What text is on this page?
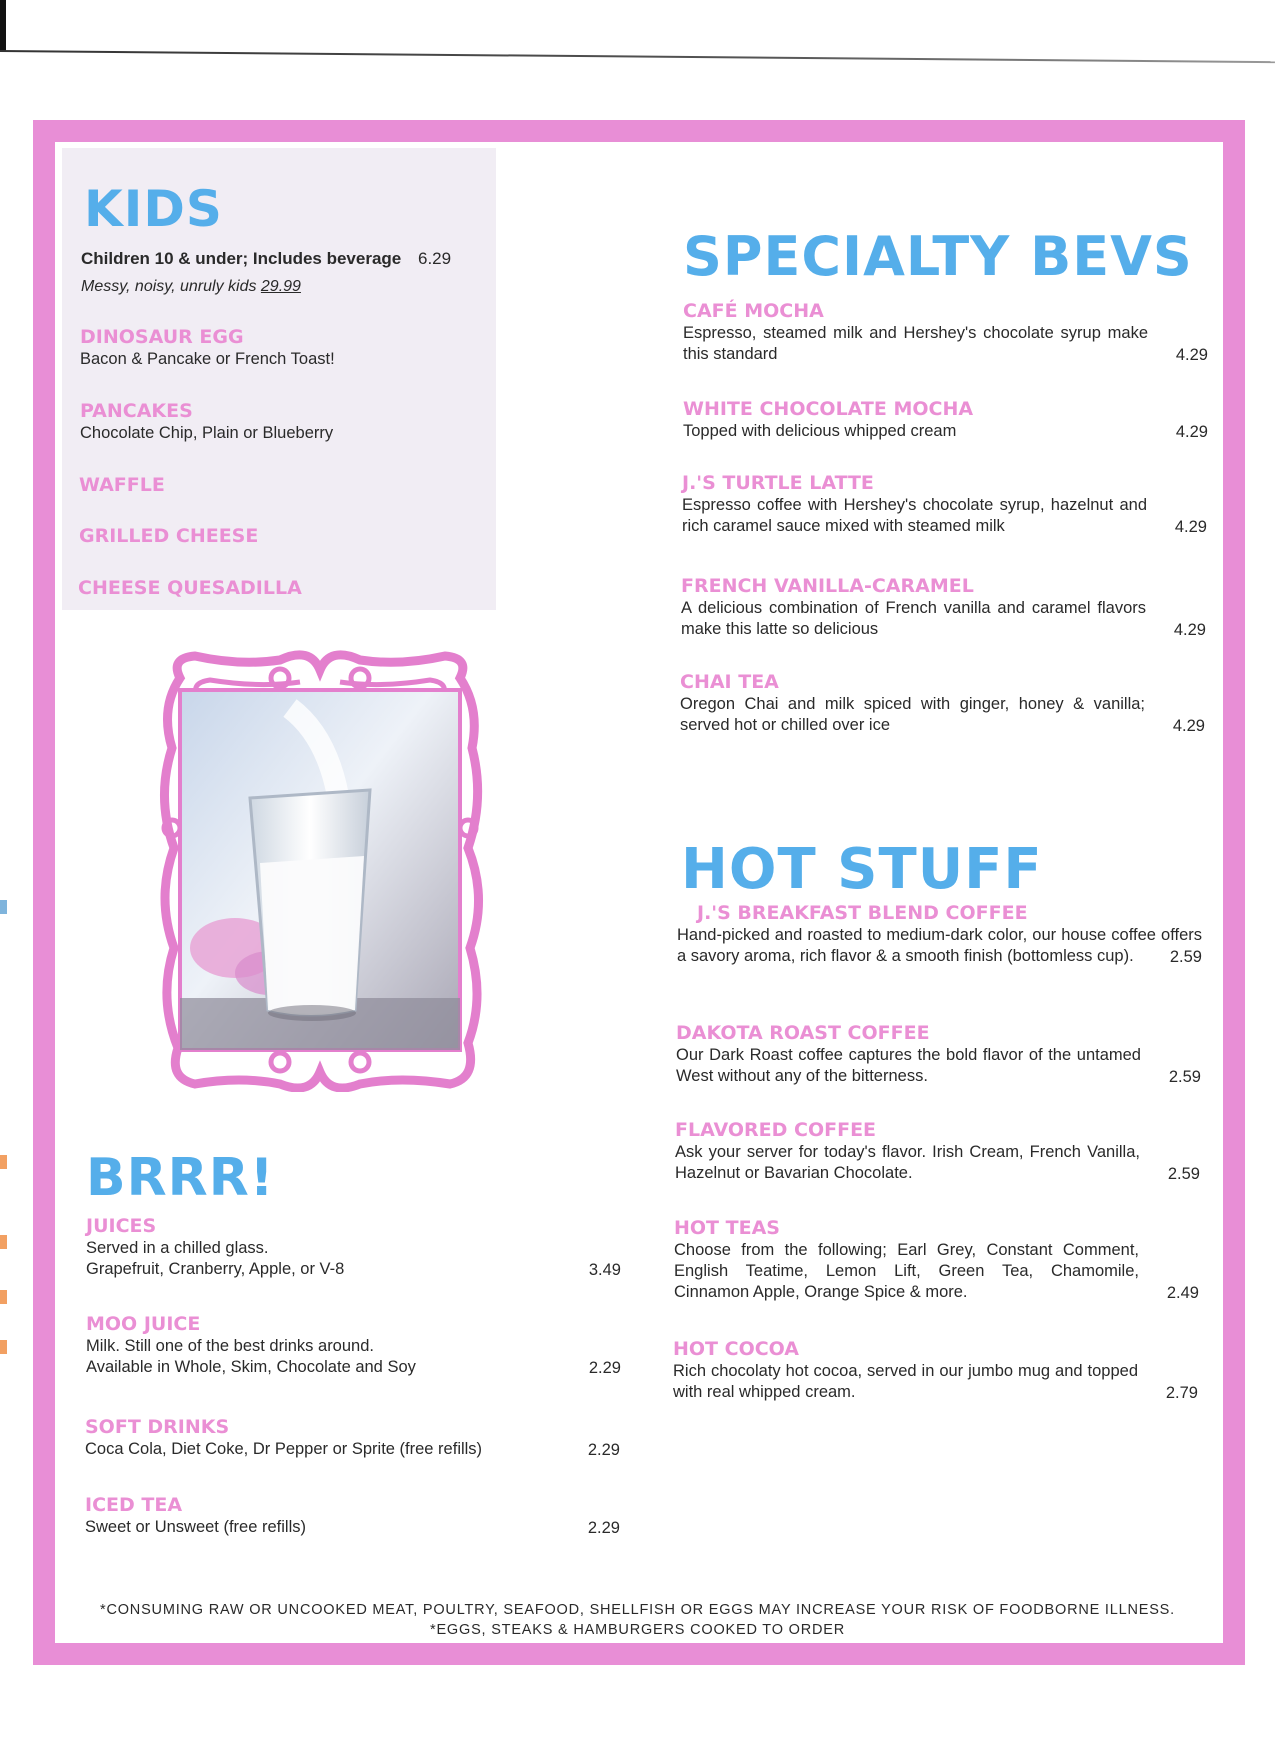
KIDS
Children 10 & under; Includes beverage 6.29
Messy, noisy, unruly kids 29.99

DINOSAUR EGG

Bacon & Pancake or French Toast!

PANCAKES

Chocolate Chip, Plain or Blueberry

WAFFLE

GRILLED CHEESE

CHEESE QUESADILLA

BRRR!

JUICES

Served in a chilled glass.

Grapefruit, Cranberry, Apple, or V-8	3.49

MOO JUICE

Milk. Still one of the best drinks around.

Available in Whole, Skim, Chocolate and Soy	2.29

SOFT DRINKS

Coca Cola, Diet Coke, Dr Pepper or Sprite (free refills)	2.29

ICED TEA

Sweet or Unsweet (free refills)	2.29
SPECIALTY BEVS

CAFÉ MOCHA

Espresso, steamed milk and Hershey's chocolate syrup make this standard	4.29

WHITE CHOCOLATE MOCHA

Topped with delicious whipped cream	4.29

J.'S TURTLE LATTE

Espresso coffee with Hershey's chocolate syrup, hazelnut and rich caramel sauce mixed with steamed milk	4.29

FRENCH VANILLA-CARAMEL

A delicious combination of French vanilla and caramel flavors make this latte so delicious	4.29

CHAI TEA

Oregon Chai and milk spiced with ginger, honey & vanilla; served hot or chilled over ice	4.29
HOT STUFF

J.'S BREAKFAST BLEND COFFEE

Hand-picked and roasted to medium-dark color, our house coffee offers a savory aroma, rich flavor & a smooth finish (bottomless cup).	2.59

DAKOTA ROAST COFFEE

Our Dark Roast coffee captures the bold flavor of the untamed West without any of the bitterness.	2.59

FLAVORED COFFEE

Ask your server for today's flavor. Irish Cream, French Vanilla, Hazelnut or Bavarian Chocolate.	2.59

HOT TEAS

Choose from the following; Earl Grey, Constant Comment, English Teatime, Lemon Lift, Green Tea, Chamomile, Cinnamon Apple, Orange Spice & more.	2.49

HOT COCOA

Rich chocolaty hot cocoa, served in our jumbo mug and topped with real whipped cream.	2.79
*CONSUMING RAW OR UNCOOKED MEAT, POULTRY, SEAFOOD, SHELLFISH OR EGGS MAY INCREASE YOUR RISK OF FOODBORNE ILLNESS.
*EGGS, STEAKS & HAMBURGERS COOKED TO ORDER
